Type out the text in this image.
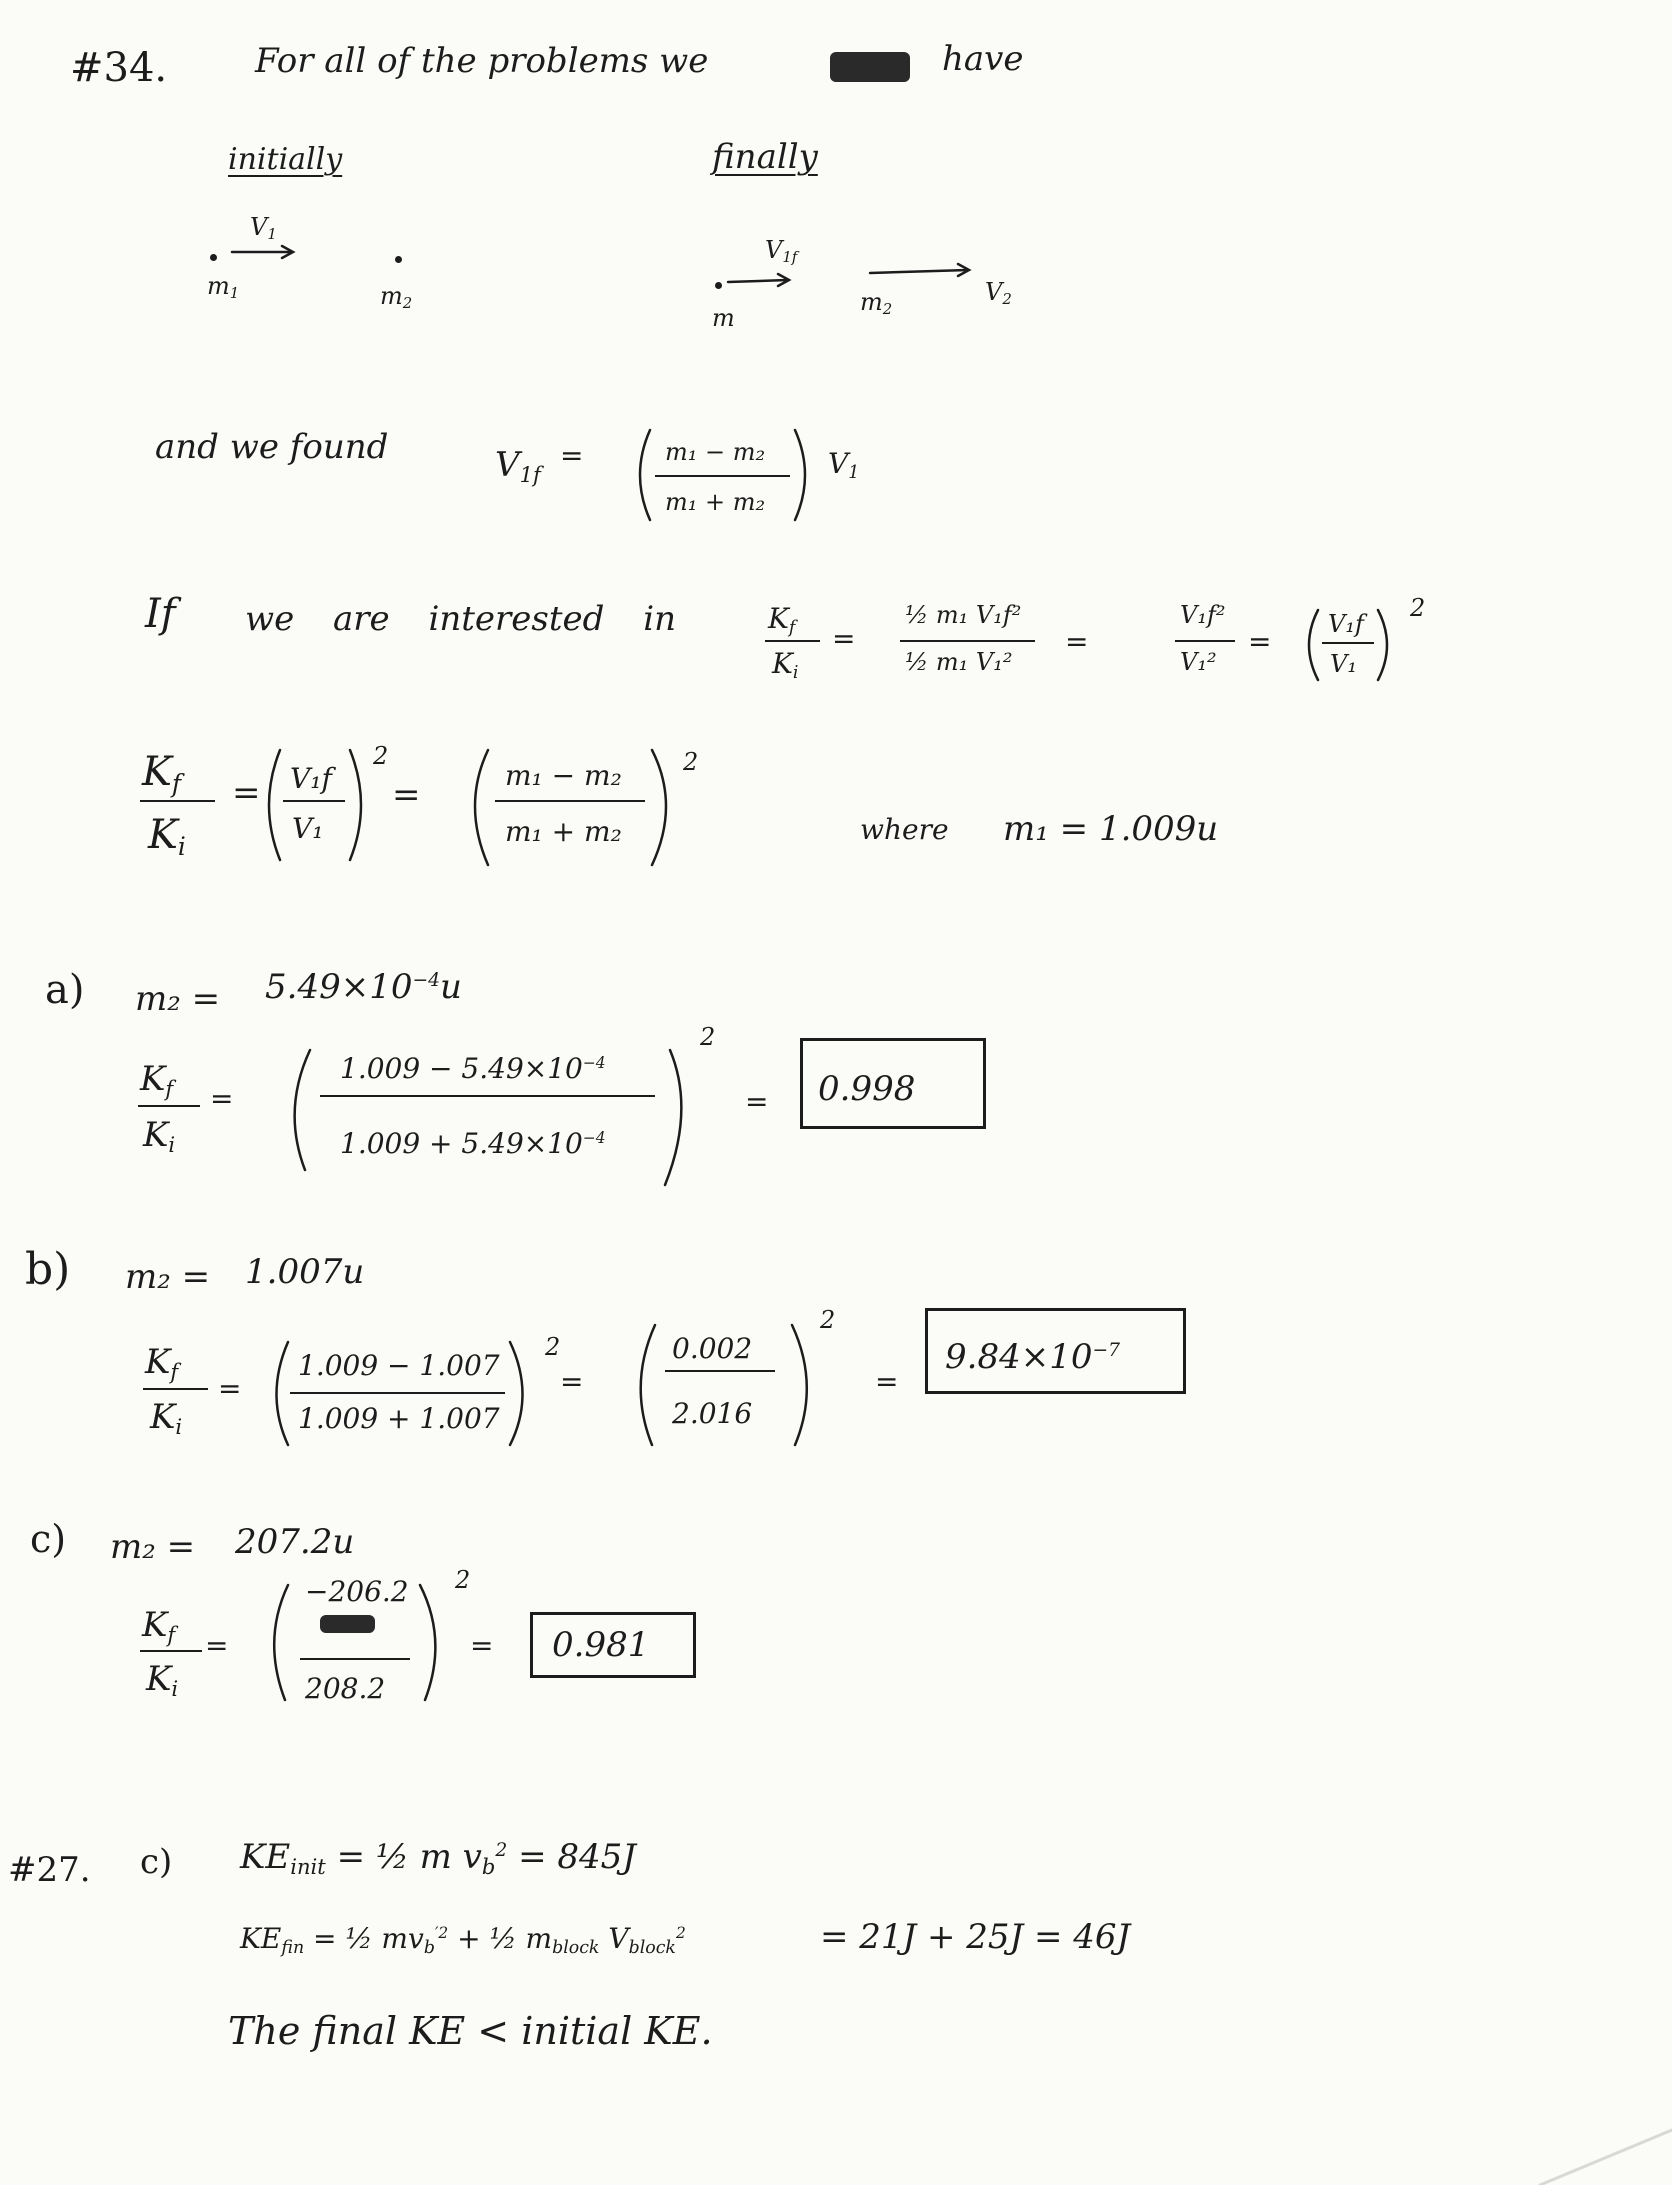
#34.	For all of the problems we	have
initially	finally
V1
m1	m2
V1f
m
m2
V2
and we found	V1f
=	m₁ − m₂
m₁ + m₂
V1
If we are interested in	Kf
Ki
=
½ m₁ V₁f²
½ m₁ V₁²
=
V₁f²
V₁²
=
V₁f
V₁
2
Kf
Ki
= V₁f
V₁
2
=	m₁ − m₂
m₁ + m₂
2
where m₁ = 1.009u
a) $m_2 = 5.49\times 10^{-4}u$
Kf
Ki
=
$1.009 - 5.49\times 10^{-4}$
$1.009 + 5.49\times 10^{-4}$
2
= 0.998
b) m₂ = 1.007u
Kf
Ki
=
1.009 − 1.007
1.009 + 1.007
2
=
0.002
2.016
2
=
$9.84\times 10^{-7}$
c) m₂ = 207.2u
Kf
Ki
=
−206.2
208.2
2
= 0.981
#27. c) KEinit = ½ m $vb^2 = 845J$
KEfin = ½ mvb$^{'2}$ + ½ mblock Vblock$^2$	= 21J + 25J = 46J
The final KE < initial KE.
